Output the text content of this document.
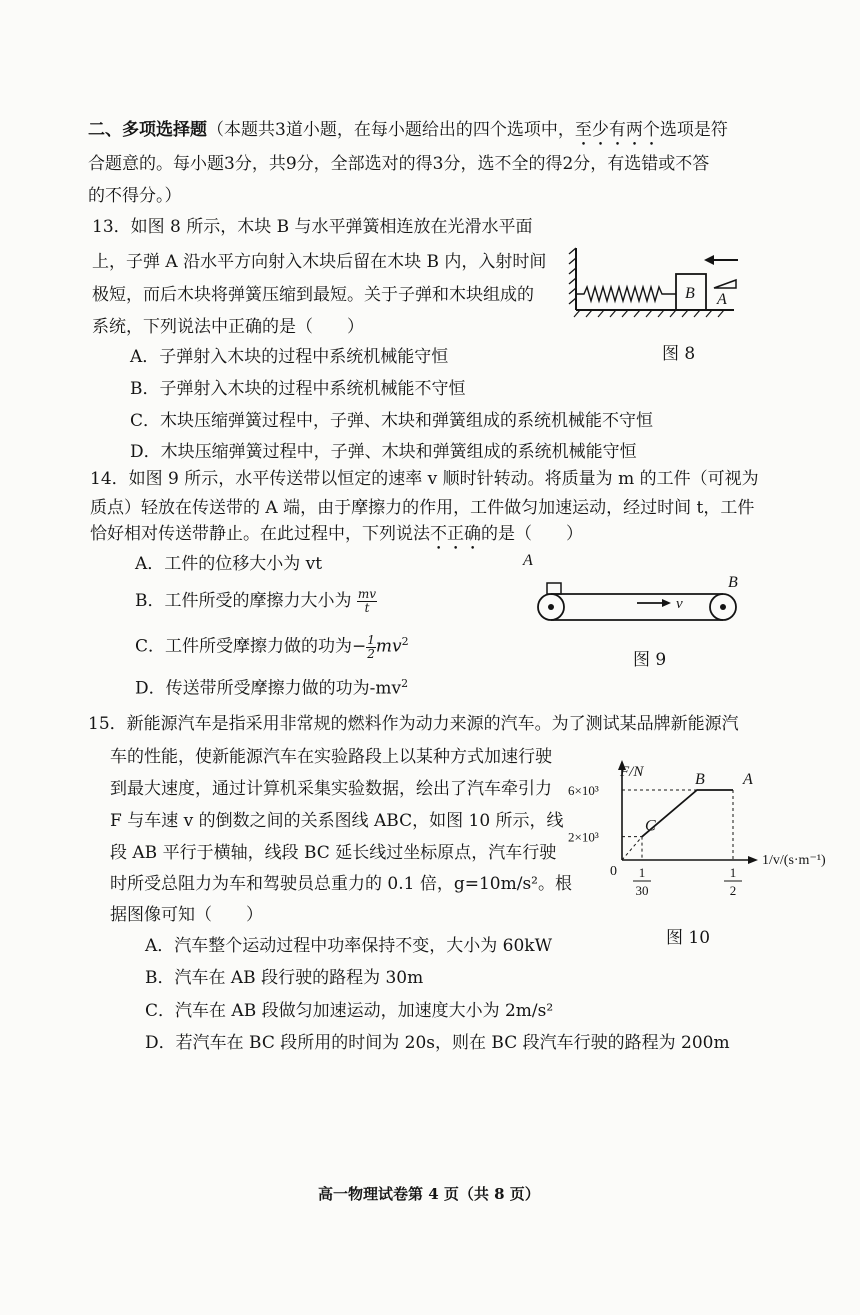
二、多项选择题（本题共3道小题，在每小题给出的四个选项中，至少有两个选项是符
合题意的。每小题3分，共9分，全部选对的得3分，选不全的得2分，有选错或不答
的不得分。）
13．如图 8 所示，木块 B 与水平弹簧相连放在光滑水平面
上，子弹 A 沿水平方向射入木块后留在木块 B 内，入射时间
极短，而后木块将弹簧压缩到最短。关于子弹和木块组成的
系统，下列说法中正确的是（　　）
A．子弹射入木块的过程中系统机械能守恒
B．子弹射入木块的过程中系统机械能不守恒
C．木块压缩弹簧过程中，子弹、木块和弹簧组成的系统机械能不守恒
D．木块压缩弹簧过程中，子弹、木块和弹簧组成的系统机械能守恒
B A
图 8
14．如图 9 所示，水平传送带以恒定的速率 v 顺时针转动。将质量为 m 的工件（可视为
质点）轻放在传送带的 A 端，由于摩擦力的作用，工件做匀加速运动，经过时间 t，工件
恰好相对传送带静止。在此过程中，下列说法不正确的是（　　）
A．工件的位移大小为 vt
B．工件所受的摩擦力大小为 $\frac{mv}{t}$
C．工件所受摩擦力做的功为− $\frac{1}{2} mv^2$
D．传送带所受摩擦力做的功为$-mv^2$
A
B
v
图 9
15．新能源汽车是指采用非常规的燃料作为动力来源的汽车。为了测试某品牌新能源汽
车的性能，使新能源汽车在实验路段上以某种方式加速行驶
到最大速度，通过计算机采集实验数据，绘出了汽车牵引力
F 与车速 v 的倒数之间的关系图线 ABC，如图 10 所示，线
段 AB 平行于横轴，线段 BC 延长线过坐标原点，汽车行驶
时所受总阻力为车和驾驶员总重力的 0.1 倍，g=10m/s²。根
据图像可知（　　）
A．汽车整个运动过程中功率保持不变，大小为 60kW
B．汽车在 AB 段行驶的路程为 30m
C．汽车在 AB 段做匀加速运动，加速度大小为 2m/s²
D．若汽车在 BC 段所用的时间为 20s，则在 BC 段汽车行驶的路程为 200m
F/N
1/v/(s·m⁻¹)
0
C
B A
6×10³
2×10³
1
30
1
2
图 10
高一物理试卷第 4 页（共 8 页）
